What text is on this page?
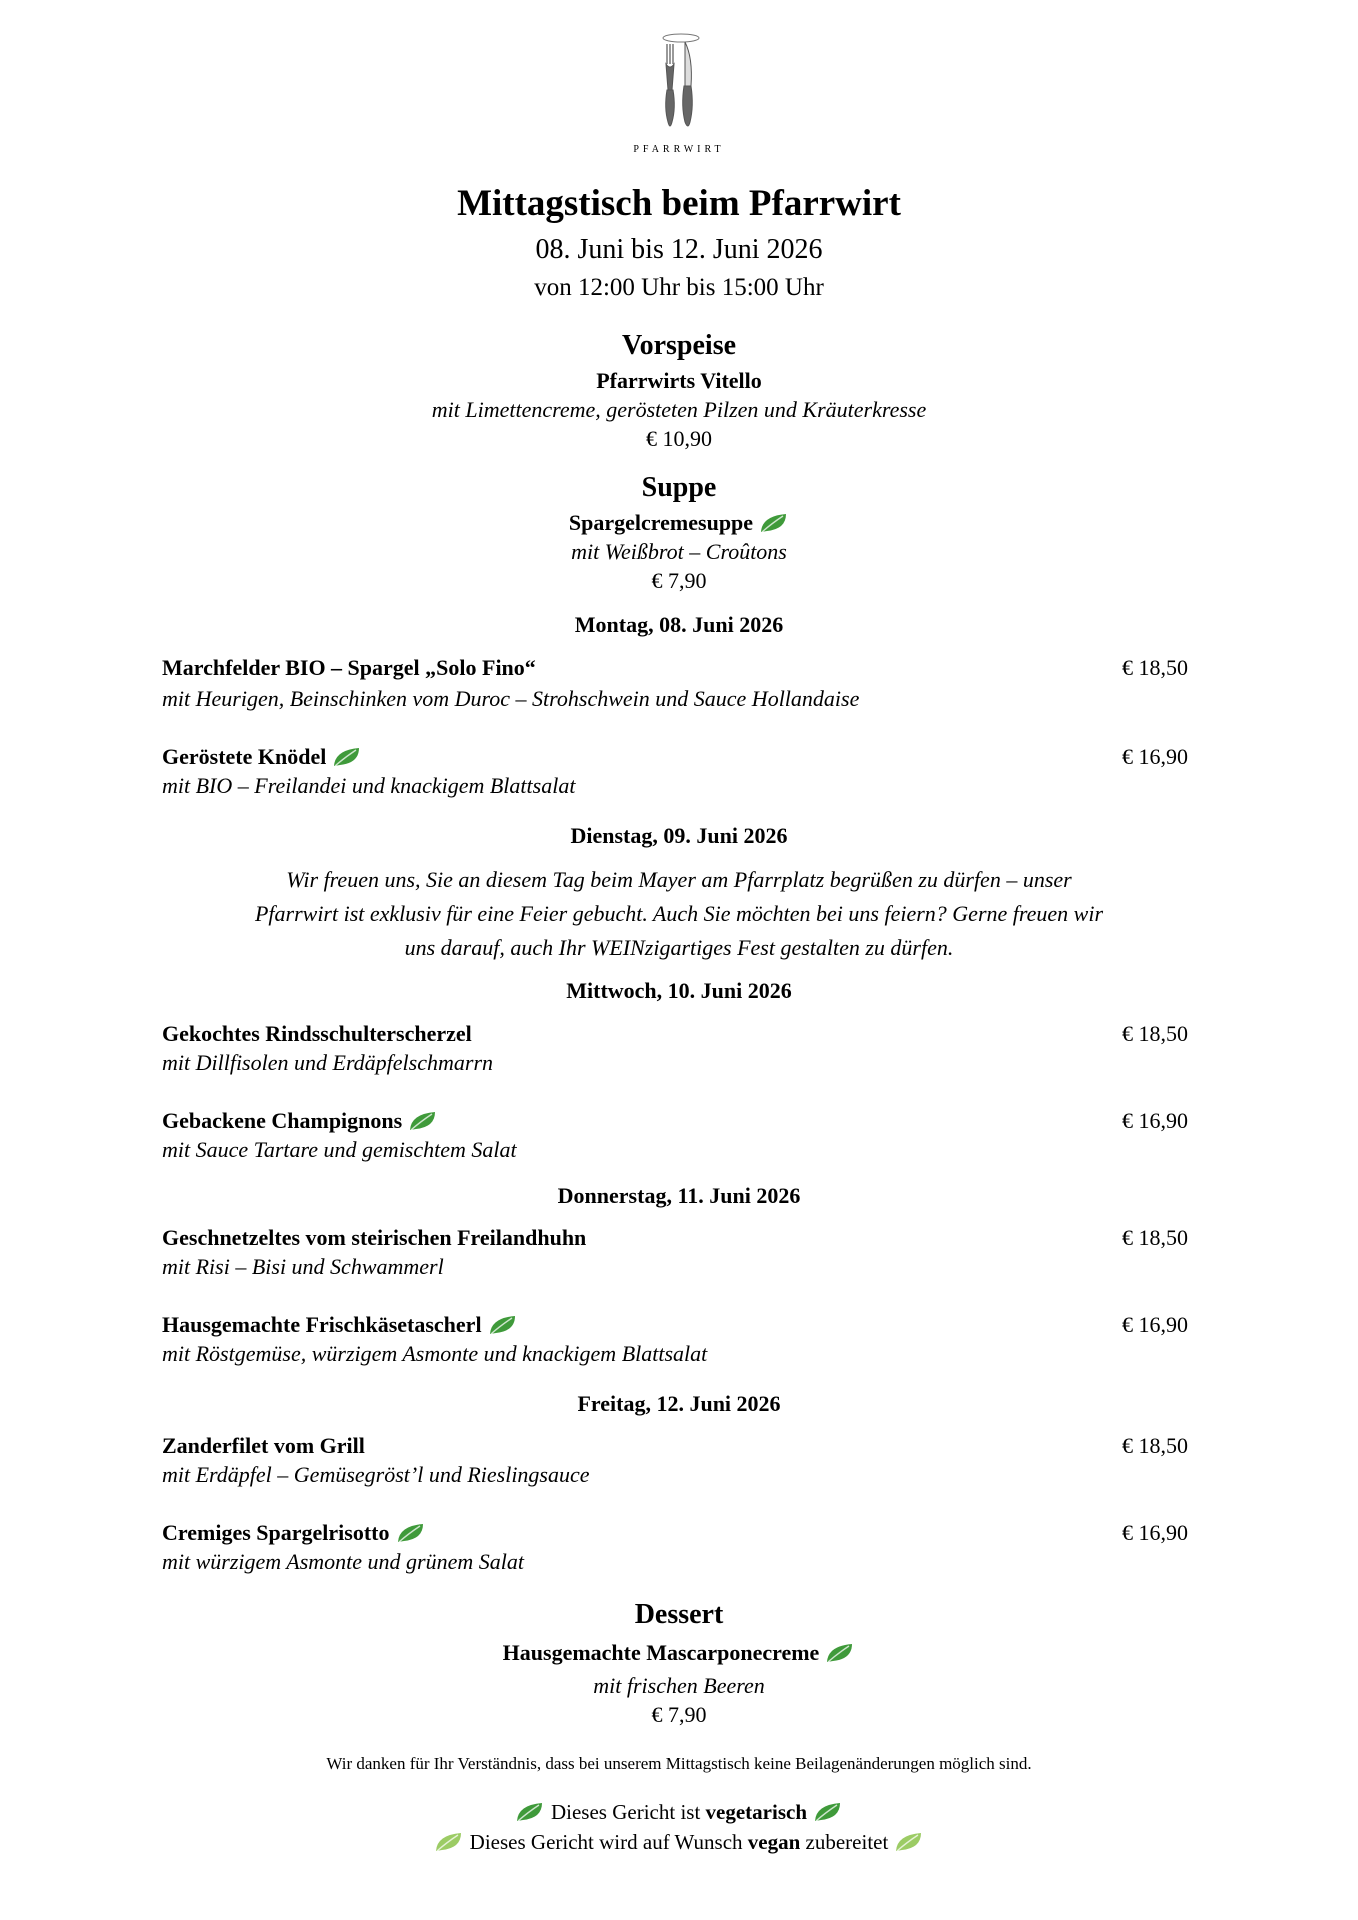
PFARRWIRT
Mittagstisch beim Pfarrwirt
08. Juni bis 12. Juni 2026
von 12:00 Uhr bis 15:00 Uhr
Vorspeise
Pfarrwirts Vitello
mit Limettencreme, gerösteten Pilzen und Kräuterkresse
€ 10,90
Suppe
Spargelcremesuppe
mit Weißbrot – Croûtons
€ 7,90
Montag, 08. Juni 2026
Marchfelder BIO – Spargel „Solo Fino“
mit Heurigen, Beinschinken vom Duroc – Strohschwein und Sauce Hollandaise
€ 18,50
Geröstete Knödel
mit BIO – Freilandei und knackigem Blattsalat
€ 16,90
Dienstag, 09. Juni 2026
Wir freuen uns, Sie an diesem Tag beim Mayer am Pfarrplatz begrüßen zu dürfen – unser
Pfarrwirt ist exklusiv für eine Feier gebucht. Auch Sie möchten bei uns feiern? Gerne freuen wir
uns darauf, auch Ihr WEINzigartiges Fest gestalten zu dürfen.
Mittwoch, 10. Juni 2026
Gekochtes Rindsschulterscherzel
mit Dillfisolen und Erdäpfelschmarrn
€ 18,50
Gebackene Champignons
mit Sauce Tartare und gemischtem Salat
€ 16,90
Donnerstag, 11. Juni 2026
Geschnetzeltes vom steirischen Freilandhuhn
mit Risi – Bisi und Schwammerl
€ 18,50
Hausgemachte Frischkäsetascherl
mit Röstgemüse, würzigem Asmonte und knackigem Blattsalat
€ 16,90
Freitag, 12. Juni 2026
Zanderfilet vom Grill
mit Erdäpfel – Gemüsegröst’l und Rieslingsauce
€ 18,50
Cremiges Spargelrisotto
mit würzigem Asmonte und grünem Salat
€ 16,90
Dessert
Hausgemachte Mascarponecreme
mit frischen Beeren
€ 7,90
Wir danken für Ihr Verständnis, dass bei unserem Mittagstisch keine Beilagenänderungen möglich sind.
Dieses Gericht ist vegetarisch
Dieses Gericht wird auf Wunsch vegan zubereitet
